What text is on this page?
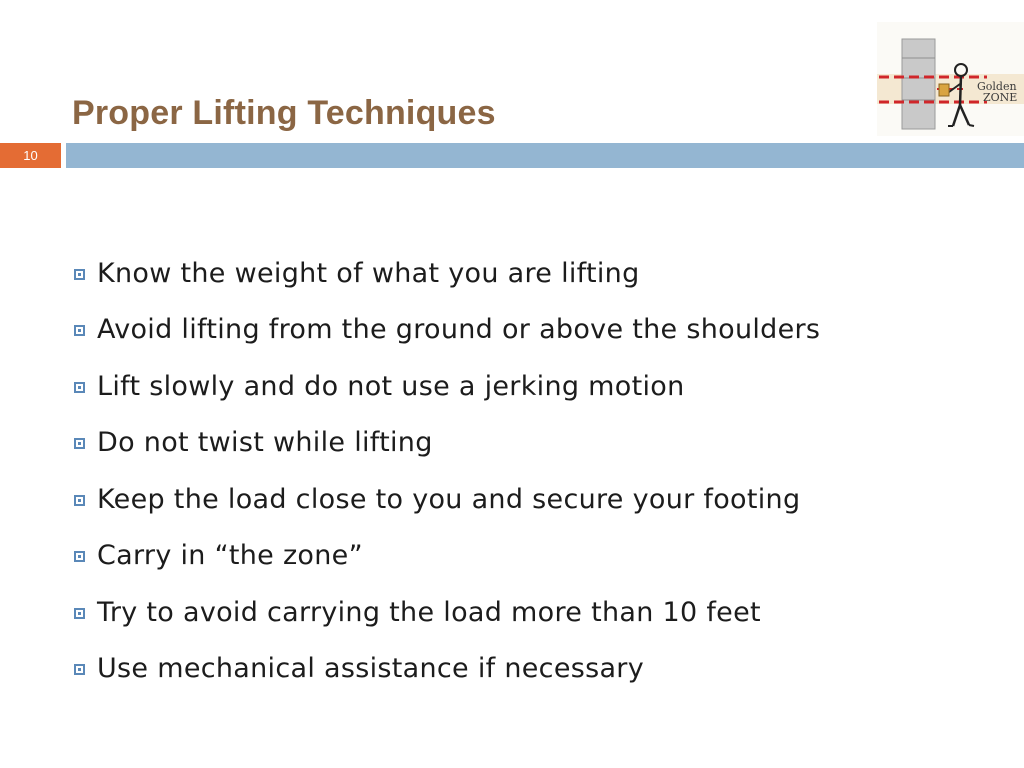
Proper Lifting Techniques
Golden
ZONE
10
Know the weight of what you are lifting
Avoid lifting from the ground or above the shoulders
Lift slowly and do not use a jerking motion
Do not twist while lifting
Keep the load close to you and secure your footing
Carry in “the zone”
Try to avoid carrying the load more than 10 feet
Use mechanical assistance if necessary
